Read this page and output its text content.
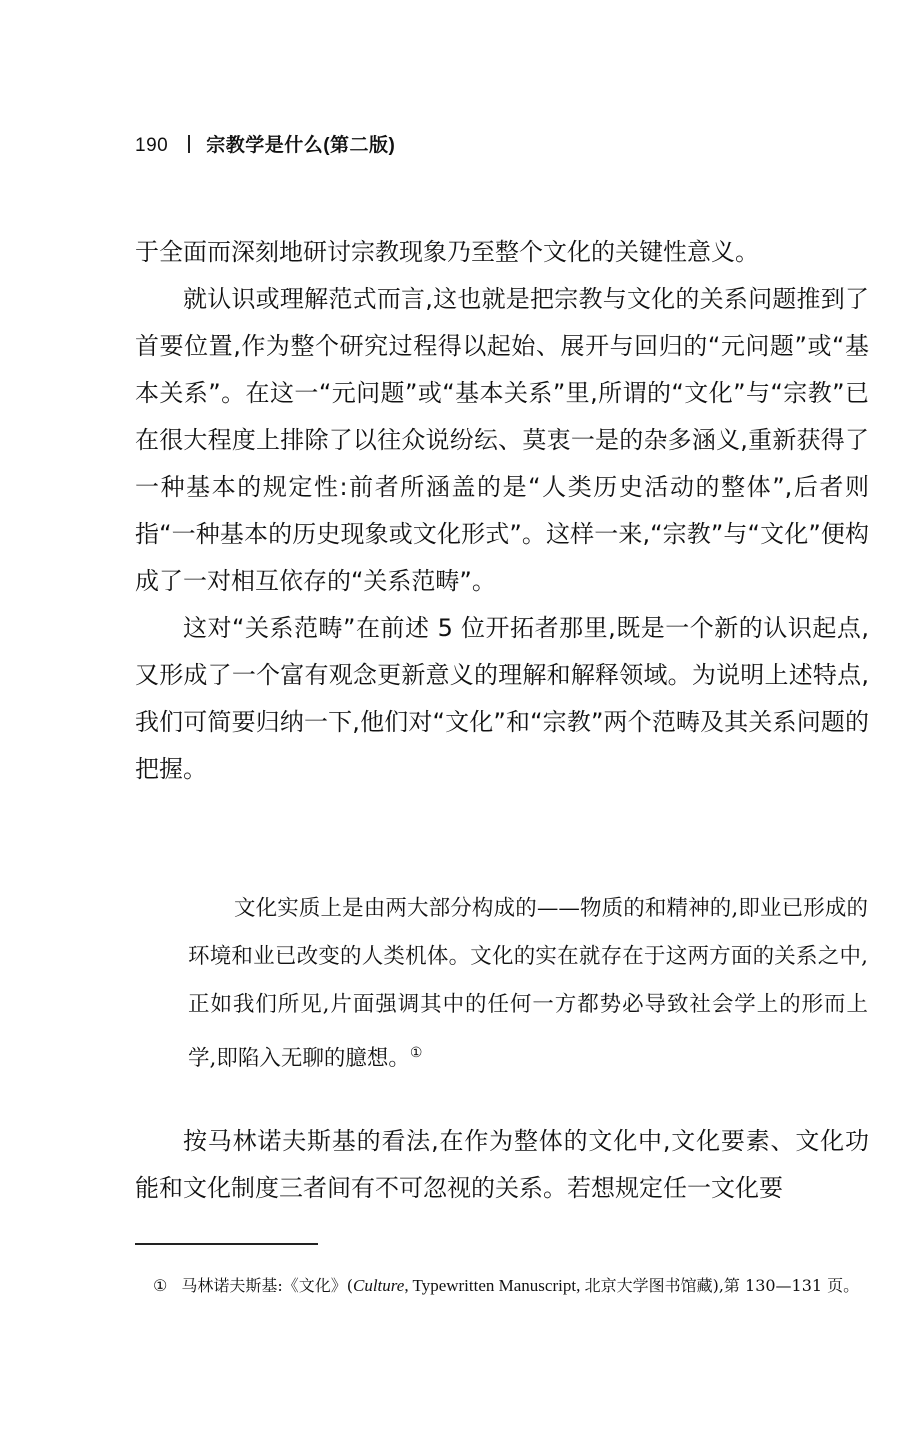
190 宗教学是什么(第二版)

于全面而深刻地研讨宗教现象乃至整个文化的关键性意义。

就认识或理解范式而言,这也就是把宗教与文化的关系问题推到了首要位置,作为整个研究过程得以起始、展开与回归的“元问题”或“基本关系”。在这一“元问题”或“基本关系”里,所谓的“文化”与“宗教”已在很大程度上排除了以往众说纷纭、莫衷一是的杂多涵义,重新获得了一种基本的规定性:前者所涵盖的是“人类历史活动的整体”,后者则指“一种基本的历史现象或文化形式”。这样一来,“宗教”与“文化”便构成了一对相互依存的“关系范畴”。

这对“关系范畴”在前述 5 位开拓者那里,既是一个新的认识起点,又形成了一个富有观念更新意义的理解和解释领域。为说明上述特点,我们可简要归纳一下,他们对“文化”和“宗教”两个范畴及其关系问题的把握。

文化实质上是由两大部分构成的——物质的和精神的,即业已形成的环境和业已改变的人类机体。文化的实在就存在于这两方面的关系之中,正如我们所见,片面强调其中的任何一方都势必导致社会学上的形而上学,即陷入无聊的臆想。①

按马林诺夫斯基的看法,在作为整体的文化中,文化要素、文化功能和文化制度三者间有不可忽视的关系。若想规定任一文化要

① 马林诺夫斯基:《文化》(Culture, Typewritten Manuscript, 北京大学图书馆藏),第 130—131 页。
